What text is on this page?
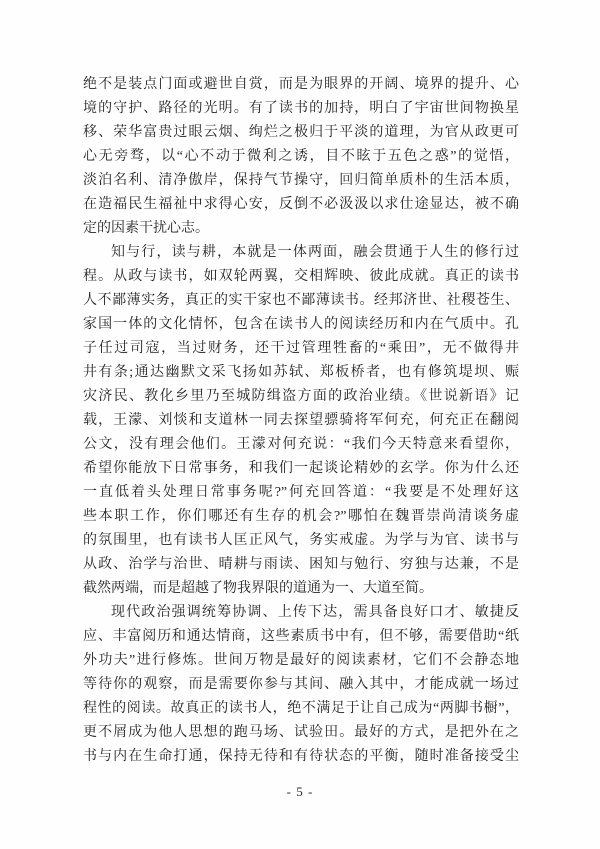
绝不是装点门面或避世自赏，而是为眼界的开阔、境界的提升、心
境的守护、路径的光明。有了读书的加持，明白了宇宙世间物换星
移、荣华富贵过眼云烟、绚烂之极归于平淡的道理，为官从政更可
心无旁骛，以“心不动于微利之诱，目不眩于五色之惑”的觉悟，
淡泊名利、清净傲岸，保持气节操守，回归简单质朴的生活本质，
在造福民生福祉中求得心安，反倒不必汲汲以求仕途显达，被不确
定的因素干扰心志。
知与行，读与耕，本就是一体两面，融会贯通于人生的修行过
程。从政与读书，如双轮两翼，交相辉映、彼此成就。真正的读书
人不鄙薄实务，真正的实干家也不鄙薄读书。经邦济世、社稷苍生、
家国一体的文化情怀，包含在读书人的阅读经历和内在气质中。孔
子任过司寇，当过财务，还干过管理牲畜的“乘田”，无不做得井
井有条;通达幽默文采飞扬如苏轼、郑板桥者，也有修筑堤坝、赈
灾济民、教化乡里乃至城防缉盗方面的政治业绩。《世说新语》记
载，王濛、刘惔和支道林一同去探望骠骑将军何充，何充正在翻阅
公文，没有理会他们。王濛对何充说：“我们今天特意来看望你，
希望你能放下日常事务，和我们一起谈论精妙的玄学。你为什么还
一直低着头处理日常事务呢?”何充回答道：“我要是不处理好这
些本职工作，你们哪还有生存的机会?”哪怕在魏晋崇尚清谈务虚
的氛围里，也有读书人匡正风气，务实戒虚。为学与为官、读书与
从政、治学与治世、晴耕与雨读、困知与勉行、穷独与达兼，不是
截然两端，而是超越了物我界限的道通为一、大道至简。
现代政治强调统筹协调、上传下达，需具备良好口才、敏捷反
应、丰富阅历和通达情商，这些素质书中有，但不够，需要借助“纸
外功夫”进行修炼。世间万物是最好的阅读素材，它们不会静态地
等待你的观察，而是需要你参与其间、融入其中，才能成就一场过
程性的阅读。故真正的读书人，绝不满足于让自己成为“两脚书橱”，
更不屑成为他人思想的跑马场、试验田。最好的方式，是把外在之
书与内在生命打通，保持无待和有待状态的平衡，随时准备接受尘
- 5 -
